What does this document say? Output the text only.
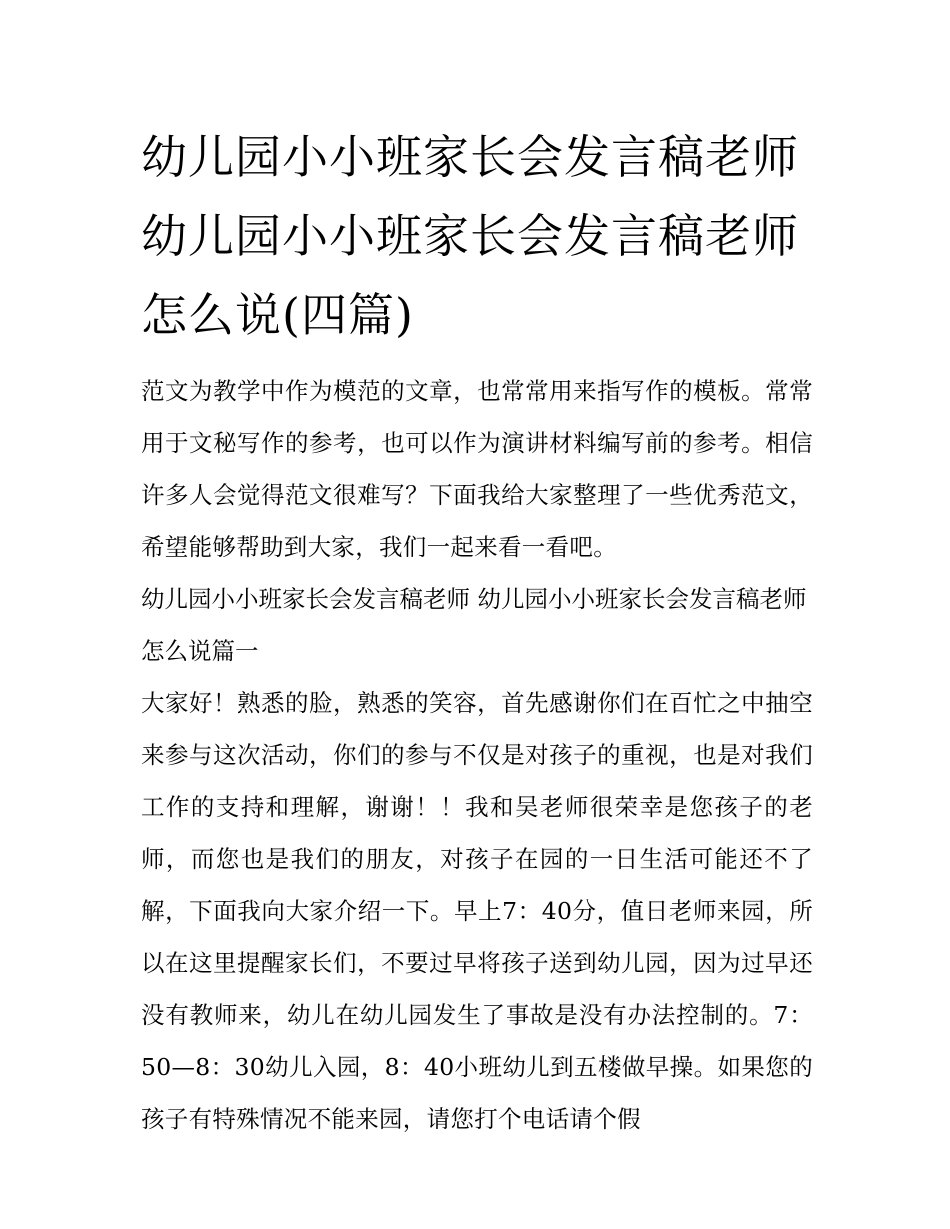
幼儿园小小班家长会发言稿老师 幼儿园小小班家长会发言稿老师怎么说(四篇)

范文为教学中作为模范的文章，也常常用来指写作的模板。常常用于文秘写作的参考，也可以作为演讲材料编写前的参考。相信许多人会觉得范文很难写？下面我给大家整理了一些优秀范文，希望能够帮助到大家，我们一起来看一看吧。

幼儿园小小班家长会发言稿老师 幼儿园小小班家长会发言稿老师怎么说篇一

大家好！熟悉的脸，熟悉的笑容，首先感谢你们在百忙之中抽空来参与这次活动，你们的参与不仅是对孩子的重视，也是对我们工作的支持和理解，谢谢！！我和吴老师很荣幸是您孩子的老师，而您也是我们的朋友，对孩子在园的一日生活可能还不了解，下面我向大家介绍一下。早上7：40分，值日老师来园，所以在这里提醒家长们，不要过早将孩子送到幼儿园，因为过早还没有教师来，幼儿在幼儿园发生了事故是没有办法控制的。7：50—8：30幼儿入园，8：40小班幼儿到五楼做早操。如果您的孩子有特殊情况不能来园，请您打个电话请个假
